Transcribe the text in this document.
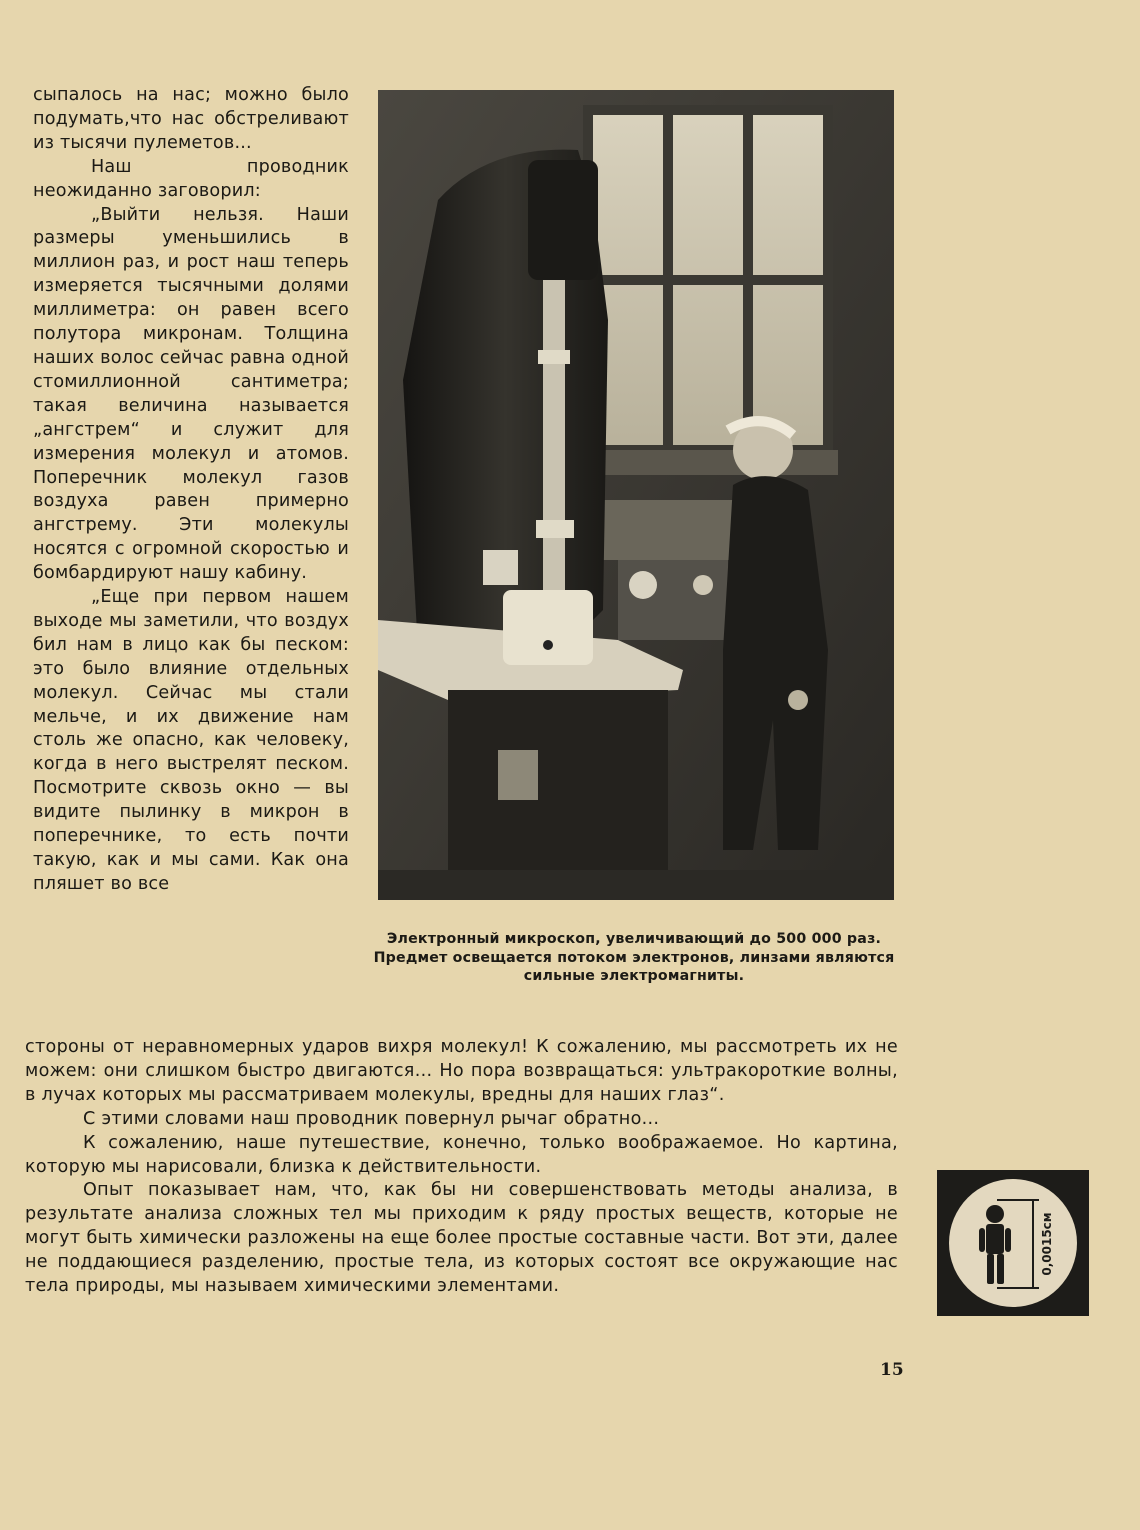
сыпалось на нас; можно было подумать,что нас обстреливают из тысячи пулеметов...

Наш проводник неожиданно заговорил:

„Выйти нельзя. Наши размеры уменьшились в миллион раз, и рост наш теперь измеряется тысячными долями миллиметра: он равен всего полутора микронам. Толщина наших волос сейчас равна одной стомиллионной сантиметра; такая величина называется „ангстрем“ и служит для измерения молекул и атомов. Поперечник молекул газов воздуха равен примерно ангстрему. Эти молекулы носятся с огромной скоростью и бомбардируют нашу кабину.

„Еще при первом нашем выходе мы заметили, что воздух бил нам в лицо как бы песком: это было влияние отдельных молекул. Сейчас мы стали мельче, и их движение нам столь же опасно, как человеку, когда в него выстрелят песком. Посмотрите сквозь окно — вы видите пылинку в микрон в поперечнике, то есть почти такую, как и мы сами. Как она пляшет во все

Электронный микроскоп, увеличивающий до 500 000 раз. Предмет освещается потоком электронов, линзами являются сильные электромагниты.

стороны от неравномерных ударов вихря молекул! К сожалению, мы рассмотреть их не можем: они слишком быстро двигаются... Но пора возвращаться: ультракороткие волны, в лучах которых мы рассматриваем молекулы, вредны для наших глаз“.

С этими словами наш проводник повернул рычаг обратно...

К сожалению, наше путешествие, конечно, только воображаемое. Но картина, которую мы нарисовали, близка к действительности.

Опыт показывает нам, что, как бы ни совершенствовать методы анализа, в результате анализа сложных тел мы приходим к ряду простых веществ, которые не могут быть химически разложены на еще более простые составные части. Вот эти, далее не поддающиеся разделению, простые тела, из которых состоят все окружающие нас тела природы, мы называем химическими элементами.

0,0015см
15
